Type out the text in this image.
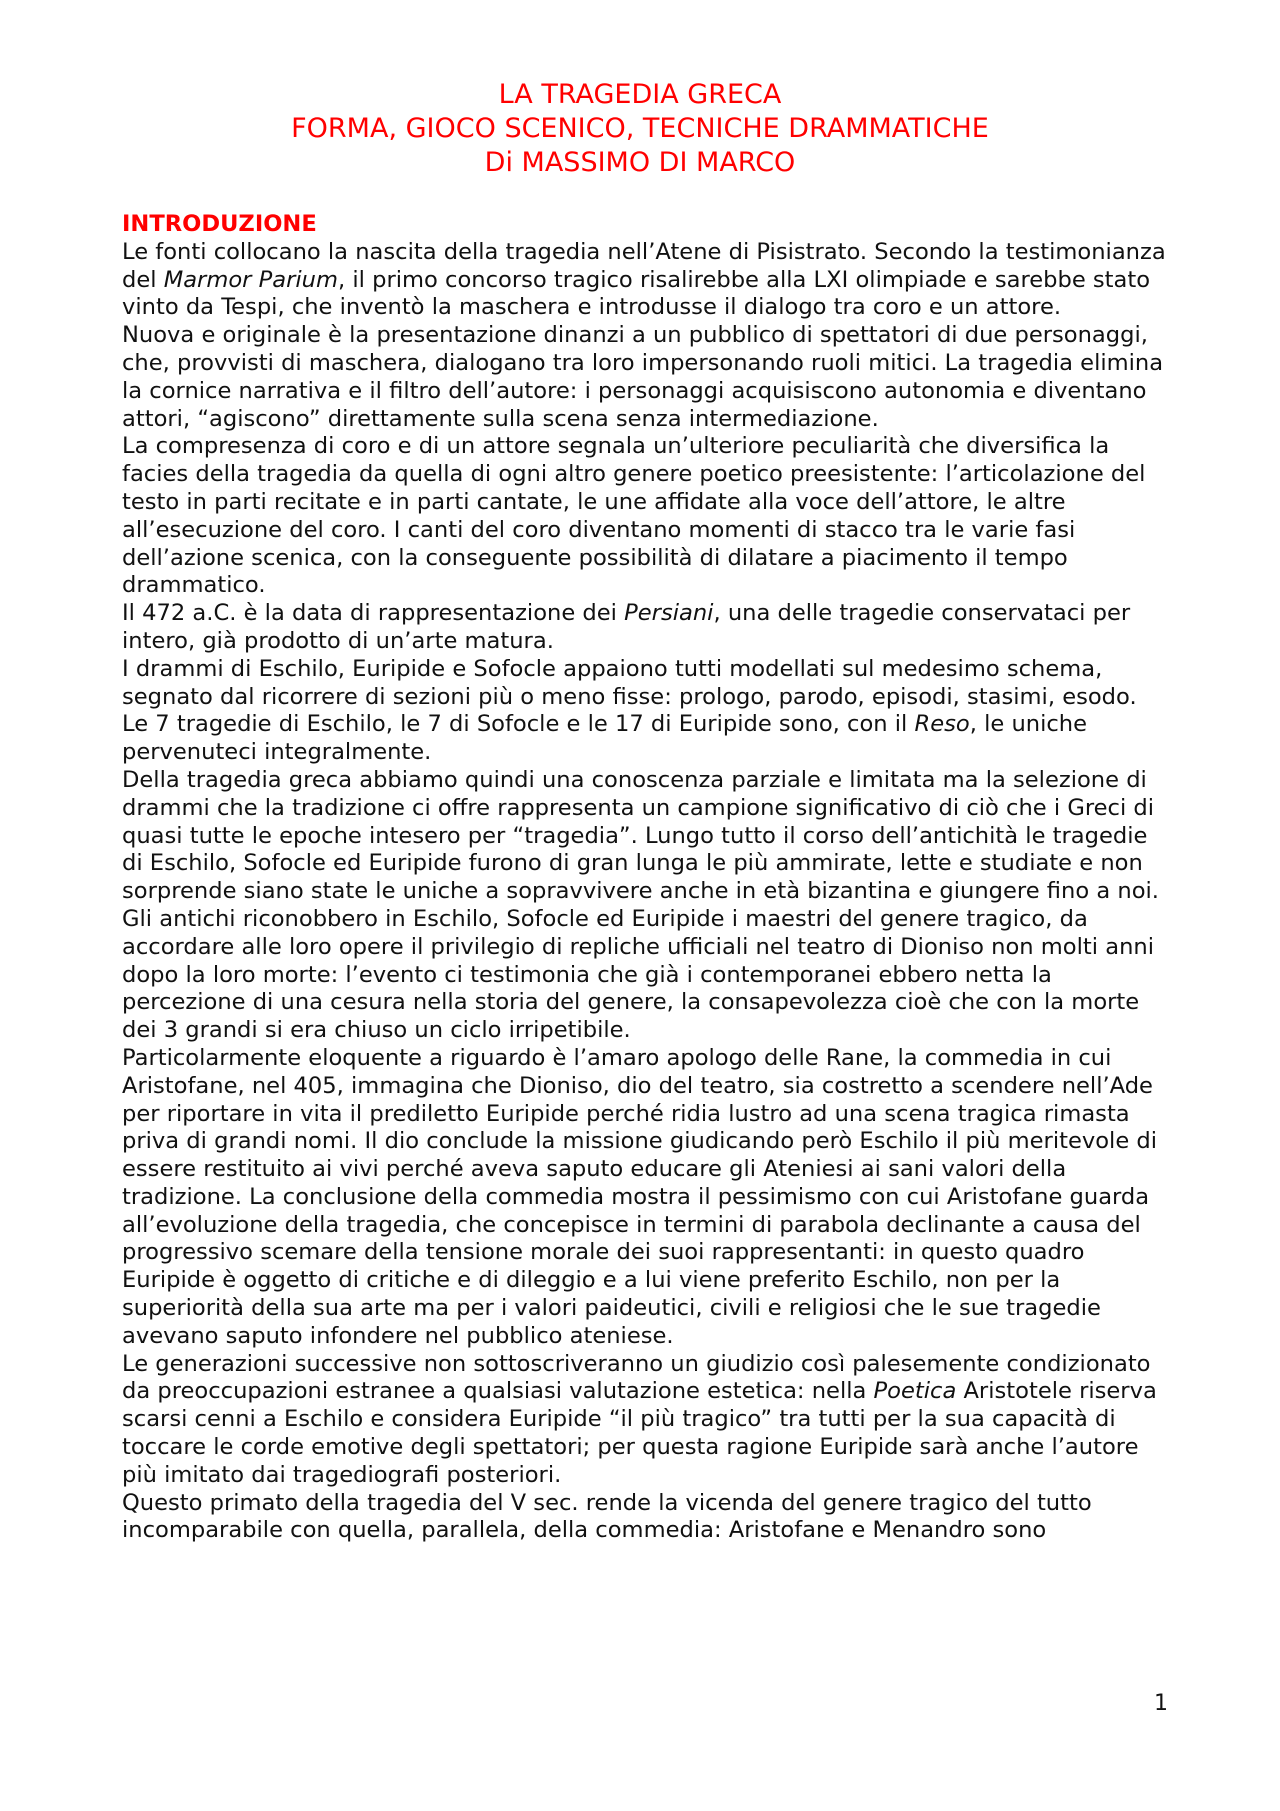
LA TRAGEDIA GRECA
FORMA, GIOCO SCENICO, TECNICHE DRAMMATICHE
Di MASSIMO DI MARCO
INTRODUZIONE

Le fonti collocano la nascita della tragedia nell’Atene di Pisistrato. Secondo la testimonianza del Marmor Parium, il primo concorso tragico risalirebbe alla LXI olimpiade e sarebbe stato vinto da Tespi, che inventò la maschera e introdusse il dialogo tra coro e un attore.

Nuova e originale è la presentazione dinanzi a un pubblico di spettatori di due personaggi, che, provvisti di maschera, dialogano tra loro impersonando ruoli mitici. La tragedia elimina la cornice narrativa e il filtro dell’autore: i personaggi acquisiscono autonomia e diventano attori, “agiscono” direttamente sulla scena senza intermediazione.

La compresenza di coro e di un attore segnala un’ulteriore peculiarità che diversifica la facies della tragedia da quella di ogni altro genere poetico preesistente: l’articolazione del testo in parti recitate e in parti cantate, le une affidate alla voce dell’attore, le altre all’esecuzione del coro. I canti del coro diventano momenti di stacco tra le varie fasi dell’azione scenica, con la conseguente possibilità di dilatare a piacimento il tempo drammatico.

Il 472 a.C. è la data di rappresentazione dei Persiani, una delle tragedie conservataci per intero, già prodotto di un’arte matura.

I drammi di Eschilo, Euripide e Sofocle appaiono tutti modellati sul medesimo schema, segnato dal ricorrere di sezioni più o meno fisse: prologo, parodo, episodi, stasimi, esodo.

Le 7 tragedie di Eschilo, le 7 di Sofocle e le 17 di Euripide sono, con il Reso, le uniche pervenuteci integralmente.

Della tragedia greca abbiamo quindi una conoscenza parziale e limitata ma la selezione di drammi che la tradizione ci offre rappresenta un campione significativo di ciò che i Greci di quasi tutte le epoche intesero per “tragedia”. Lungo tutto il corso dell’antichità le tragedie di Eschilo, Sofocle ed Euripide furono di gran lunga le più ammirate, lette e studiate e non sorprende siano state le uniche a sopravvivere anche in età bizantina e giungere fino a noi.

Gli antichi riconobbero in Eschilo, Sofocle ed Euripide i maestri del genere tragico, da accordare alle loro opere il privilegio di repliche ufficiali nel teatro di Dioniso non molti anni dopo la loro morte: l’evento ci testimonia che già i contemporanei ebbero netta la percezione di una cesura nella storia del genere, la consapevolezza cioè che con la morte dei 3 grandi si era chiuso un ciclo irripetibile.

Particolarmente eloquente a riguardo è l’amaro apologo delle Rane, la commedia in cui Aristofane, nel 405, immagina che Dioniso, dio del teatro, sia costretto a scendere nell’Ade per riportare in vita il prediletto Euripide perché ridia lustro ad una scena tragica rimasta priva di grandi nomi. Il dio conclude la missione giudicando però Eschilo il più meritevole di essere restituito ai vivi perché aveva saputo educare gli Ateniesi ai sani valori della tradizione. La conclusione della commedia mostra il pessimismo con cui Aristofane guarda all’evoluzione della tragedia, che concepisce in termini di parabola declinante a causa del progressivo scemare della tensione morale dei suoi rappresentanti: in questo quadro Euripide è oggetto di critiche e di dileggio e a lui viene preferito Eschilo, non per la superiorità della sua arte ma per i valori paideutici, civili e religiosi che le sue tragedie avevano saputo infondere nel pubblico ateniese.

Le generazioni successive non sottoscriveranno un giudizio così palesemente condizionato da preoccupazioni estranee a qualsiasi valutazione estetica: nella Poetica Aristotele riserva scarsi cenni a Eschilo e considera Euripide “il più tragico” tra tutti per la sua capacità di toccare le corde emotive degli spettatori; per questa ragione Euripide sarà anche l’autore più imitato dai tragediografi posteriori.

Questo primato della tragedia del V sec. rende la vicenda del genere tragico del tutto incomparabile con quella, parallela, della commedia: Aristofane e Menandro sono

1
